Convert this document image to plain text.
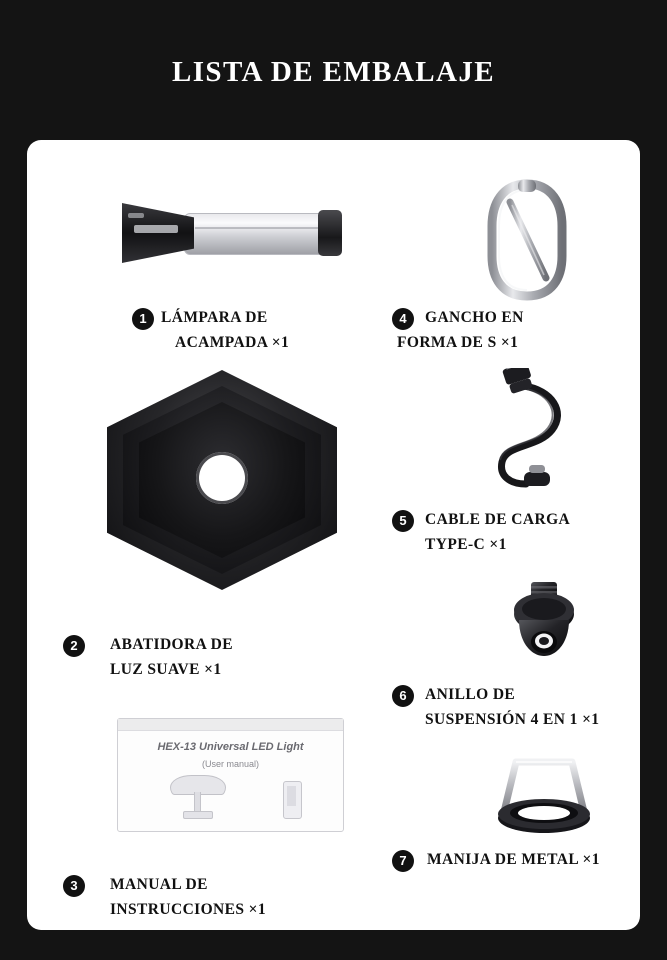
LISTA DE EMBALAJE
1 LÁMPARA DE
ACAMPADA ×1
2	ABATIDORA DE
LUZ SUAVE ×1
HEX-13 Universal LED Light
(User manual)
3	MANUAL DE
INSTRUCCIONES ×1
4	GANCHO EN
FORMA DE S ×1
5	CABLE DE CARGA
TYPE-C ×1
6	ANILLO DE
SUSPENSIÓN 4 EN 1 ×1
7	MANIJA DE METAL ×1
